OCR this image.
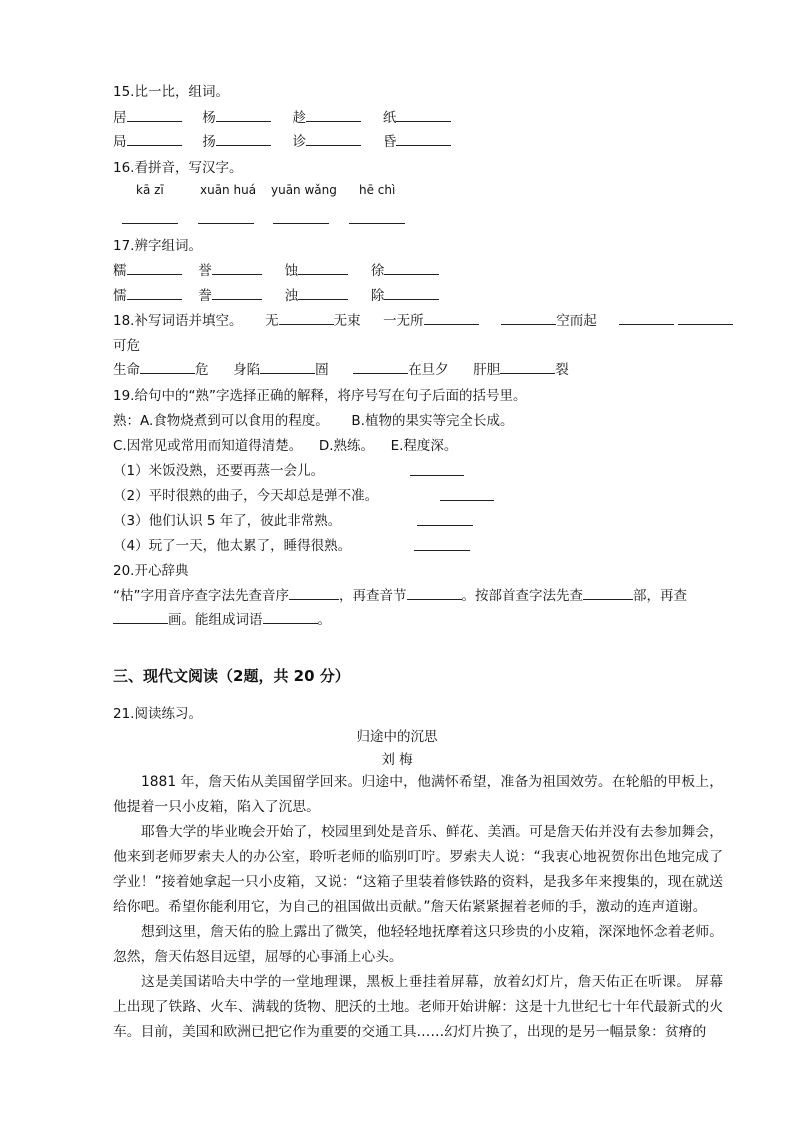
15.比一比，组词。
居	杨	趁	纸
局	扬	诊	昏
16.看拼音，写汉字。
kā zī	xuān huá yuān wǎng hē chì
17.辨字组词。
糯	誉	蚀	徐
懦	誊	浊	除
18.补写词语并填空。 无	无束 一无所	空而起
可危
生命	危 身陷	圄	在旦夕 肝胆	裂
19.给句中的“熟”字选择正确的解释，将序号写在句子后面的括号里。
熟：A.食物烧煮到可以食用的程度。 B.植物的果实等完全长成。
C.因常见或常用而知道得清楚。 D.熟练。 E.程度深。
（1）米饭没熟，还要再蒸一会儿。
（2）平时很熟的曲子，今天却总是弹不准。
（3）他们认识 5 年了，彼此非常熟。
（4）玩了一天，他太累了，睡得很熟。
20.开心辞典
“枯”字用音序查字法先查音序	，再查音节	。按部首查字法先查	部，再查
画。能组成词语	。
三、现代文阅读（2题，共 20 分）
21.阅读练习。
归途中的沉思
刘 梅
1881 年，詹天佑从美国留学回来。归途中，他满怀希望，准备为祖国效劳。在轮船的甲板上，他提着一只小皮箱，陷入了沉思。
耶鲁大学的毕业晚会开始了，校园里到处是音乐、鲜花、美酒。可是詹天佑并没有去参加舞会，他来到老师罗索夫人的办公室，聆听老师的临别叮咛。罗索夫人说：“我衷心地祝贺你出色地完成了学业！”接着她拿起一只小皮箱，又说：“这箱子里装着修铁路的资料，是我多年来搜集的，现在就送给你吧。希望你能利用它，为自己的祖国做出贡献。”詹天佑紧紧握着老师的手，激动的连声道谢。
想到这里，詹天佑的脸上露出了微笑，他轻轻地抚摩着这只珍贵的小皮箱，深深地怀念着老师。忽然，詹天佑怒目远望，屈辱的心事涌上心头。
这是美国诺哈夫中学的一堂地理课，黑板上垂挂着屏幕，放着幻灯片，詹天佑正在听课。 屏幕上出现了铁路、火车、满载的货物、肥沃的土地。老师开始讲解：这是十九世纪七十年代最新式的火车。目前，美国和欧洲已把它作为重要的交通工具……幻灯片换了，出现的是另一幅景象：贫瘠的
